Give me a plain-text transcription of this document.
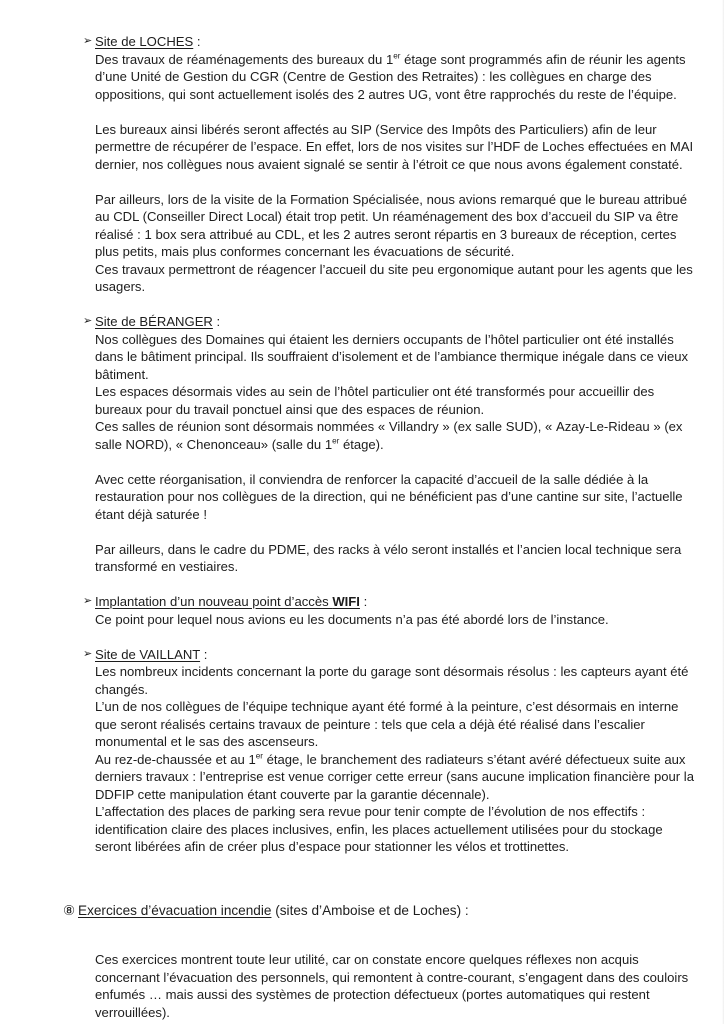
➢ Site de LOCHES :

Des travaux de réaménagements des bureaux du 1er étage sont programmés afin de réunir les agents d’une Unité de Gestion du CGR (Centre de Gestion des Retraites) : les collègues en charge des oppositions, qui sont actuellement isolés des 2 autres UG, vont être rapprochés du reste de l’équipe.

Les bureaux ainsi libérés seront affectés au SIP (Service des Impôts des Particuliers) afin de leur permettre de récupérer de l’espace. En effet, lors de nos visites sur l’HDF de Loches effectuées en MAI dernier, nos collègues nous avaient signalé se sentir à l’étroit ce que nous avons également constaté.

Par ailleurs, lors de la visite de la Formation Spécialisée, nous avions remarqué que le bureau attribué au CDL (Conseiller Direct Local) était trop petit. Un réaménagement des box d’accueil du SIP va être réalisé : 1 box sera attribué au CDL, et les 2 autres seront répartis en 3 bureaux de réception, certes plus petits, mais plus conformes concernant les évacuations de sécurité.

Ces travaux permettront de réagencer l’accueil du site peu ergonomique autant pour les agents que les usagers.

➢ Site de BÉRANGER :

Nos collègues des Domaines qui étaient les derniers occupants de l’hôtel particulier ont été installés dans le bâtiment principal. Ils souffraient d’isolement et de l’ambiance thermique inégale dans ce vieux bâtiment.

Les espaces désormais vides au sein de l’hôtel particulier ont été transformés pour accueillir des bureaux pour du travail ponctuel ainsi que des espaces de réunion.

Ces salles de réunion sont désormais nommées « Villandry » (ex salle SUD), « Azay-Le-Rideau » (ex salle NORD), « Chenonceau» (salle du 1er étage).

Avec cette réorganisation, il conviendra de renforcer la capacité d’accueil de la salle dédiée à la restauration pour nos collègues de la direction, qui ne bénéficient pas d’une cantine sur site, l’actuelle étant déjà saturée !

Par ailleurs, dans le cadre du PDME, des racks à vélo seront installés et l’ancien local technique sera transformé en vestiaires.

➢ Implantation d’un nouveau point d’accès WIFI :

Ce point pour lequel nous avions eu les documents n’a pas été abordé lors de l’instance.

➢ Site de VAILLANT :

Les nombreux incidents concernant la porte du garage sont désormais résolus : les capteurs ayant été changés.

L’un de nos collègues de l’équipe technique ayant été formé à la peinture, c’est désormais en interne que seront réalisés certains travaux de peinture : tels que cela a déjà été réalisé dans l’escalier monumental et le sas des ascenseurs.

Au rez-de-chaussée et au 1er étage, le branchement des radiateurs s’étant avéré défectueux suite aux derniers travaux : l’entreprise est venue corriger cette erreur (sans aucune implication financière pour la DDFIP cette manipulation étant couverte par la garantie décennale).

L’affectation des places de parking sera revue pour tenir compte de l’évolution de nos effectifs : identification claire des places inclusives, enfin, les places actuellement utilisées pour du stockage seront libérées afin de créer plus d’espace pour stationner les vélos et trottinettes.

⑧ Exercices d’évacuation incendie (sites d’Amboise et de Loches) :

Ces exercices montrent toute leur utilité, car on constate encore quelques réflexes non acquis concernant l’évacuation des personnels, qui remontent à contre-courant, s’engagent dans des couloirs enfumés … mais aussi des systèmes de protection défectueux (portes automatiques qui restent verrouillées).
